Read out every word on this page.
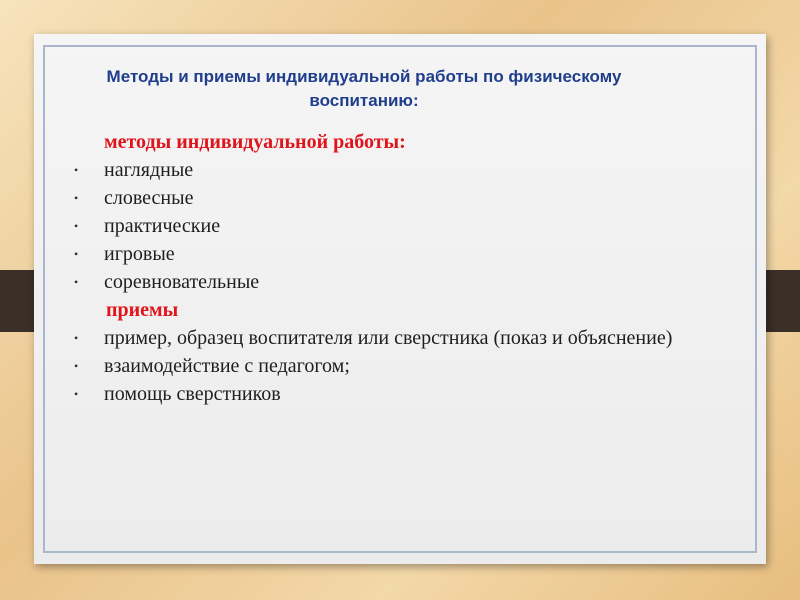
Методы и приемы индивидуальной работы по физическому воспитанию:
методы индивидуальной работы:
• наглядные
• словесные
• практические
• игровые
• соревновательные
приемы
• пример, образец воспитателя или сверстника (показ и объяснение)
• взаимодействие с педагогом;
• помощь сверстников
